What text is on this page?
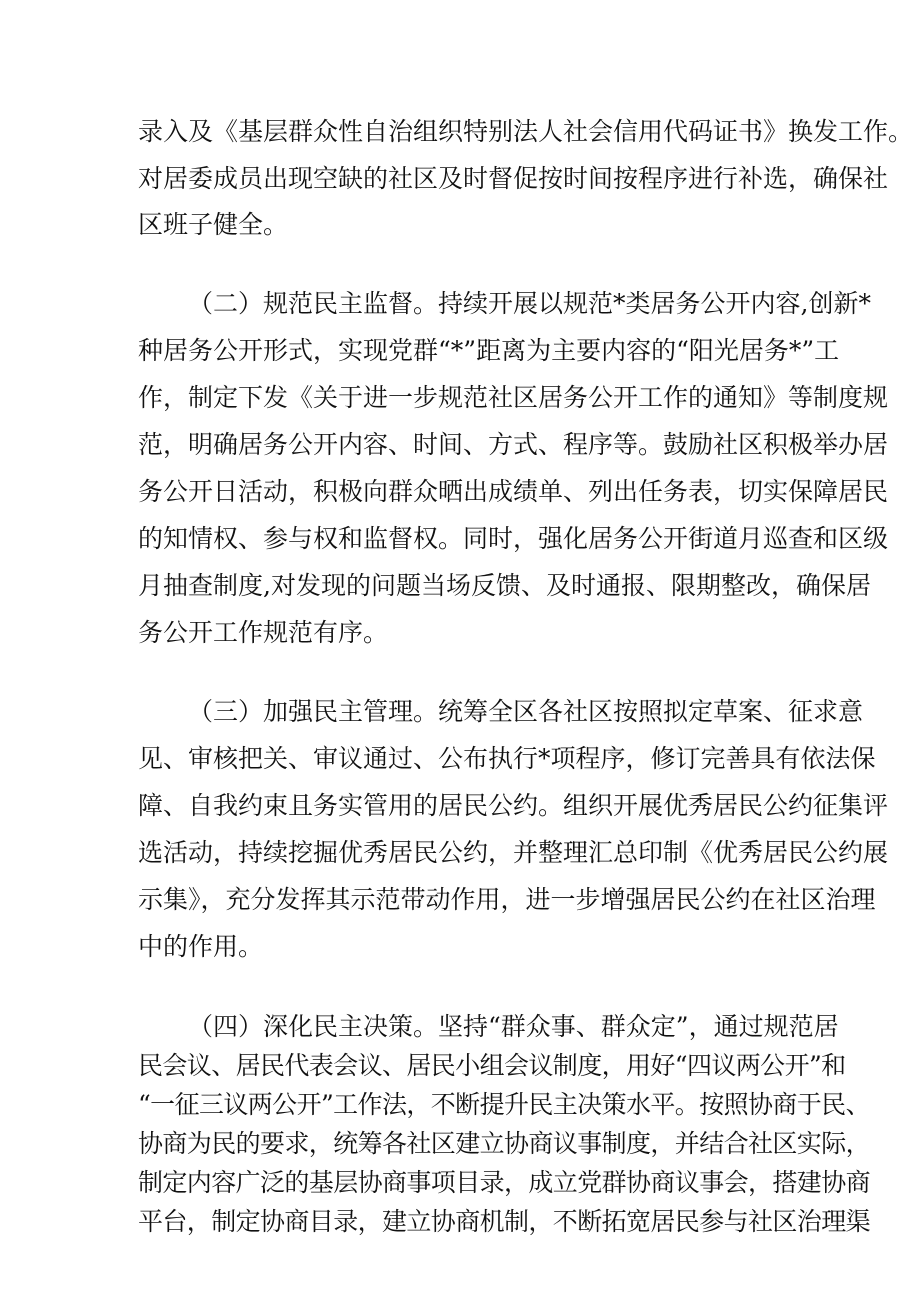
录入及《基层群众性自治组织特别法人社会信用代码证书》换发工作。

对居委成员出现空缺的社区及时督促按时间按程序进行补选，确保社

区班子健全。

（二）规范民主监督。持续开展以规范*类居务公开内容,创新*

种居务公开形式，实现党群“*”距离为主要内容的“阳光居务*”工

作，制定下发《关于进一步规范社区居务公开工作的通知》等制度规

范，明确居务公开内容、时间、方式、程序等。鼓励社区积极举办居

务公开日活动，积极向群众晒出成绩单、列出任务表，切实保障居民

的知情权、参与权和监督权。同时，强化居务公开街道月巡查和区级

月抽查制度,对发现的问题当场反馈、及时通报、限期整改，确保居

务公开工作规范有序。

（三）加强民主管理。统筹全区各社区按照拟定草案、征求意

见、审核把关、审议通过、公布执行*项程序，修订完善具有依法保

障、自我约束且务实管用的居民公约。组织开展优秀居民公约征集评

选活动，持续挖掘优秀居民公约，并整理汇总印制《优秀居民公约展

示集》，充分发挥其示范带动作用，进一步增强居民公约在社区治理

中的作用。

（四）深化民主决策。坚持“群众事、群众定”，通过规范居

民会议、居民代表会议、居民小组会议制度，用好“四议两公开”和

“一征三议两公开”工作法，不断提升民主决策水平。按照协商于民、

协商为民的要求，统筹各社区建立协商议事制度，并结合社区实际，

制定内容广泛的基层协商事项目录，成立党群协商议事会，搭建协商

平台，制定协商目录，建立协商机制，不断拓宽居民参与社区治理渠
